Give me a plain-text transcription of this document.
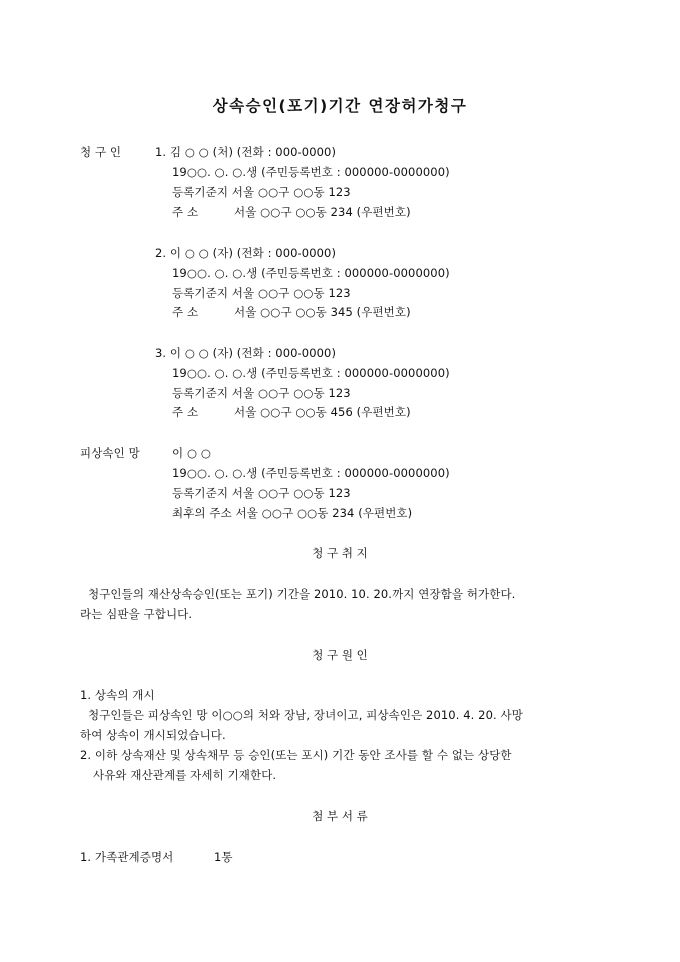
상속승인(포기)기간 연장허가청구
청 구 인	1. 김 ○ ○ (처) (전화 : 000-0000)
19○○. ○. ○.생 (주민등록번호 : 000000-0000000)
등록기준지 서울 ○○구 ○○동 123
주 소	서울 ○○구 ○○동 234 (우편번호)
2. 이 ○ ○ (자) (전화 : 000-0000)
19○○. ○. ○.생 (주민등록번호 : 000000-0000000)
등록기준지 서울 ○○구 ○○동 123
주 소	서울 ○○구 ○○동 345 (우편번호)
3. 이 ○ ○ (자) (전화 : 000-0000)
19○○. ○. ○.생 (주민등록번호 : 000000-0000000)
등록기준지 서울 ○○구 ○○동 123
주 소	서울 ○○구 ○○동 456 (우편번호)
피상속인 망	이 ○ ○
19○○. ○. ○.생 (주민등록번호 : 000000-0000000)
등록기준지 서울 ○○구 ○○동 123
최후의 주소 서울 ○○구 ○○동 234 (우편번호)
청 구 취 지
청구인들의 재산상속승인(또는 포기) 기간을 2010. 10. 20.까지 연장함을 허가한다.
라는 심판을 구합니다.
청 구 원 인
1. 상속의 개시
청구인들은 피상속인 망 이○○의 처와 장남, 장녀이고, 피상속인은 2010. 4. 20. 사망
하여 상속이 개시되었습니다.
2. 이하 상속재산 및 상속채무 등 승인(또는 포시) 기간 동안 조사를 할 수 없는 상당한
사유와 재산관계를 자세히 기재한다.
첨 부 서 류
1. 가족관계증명서	1통
